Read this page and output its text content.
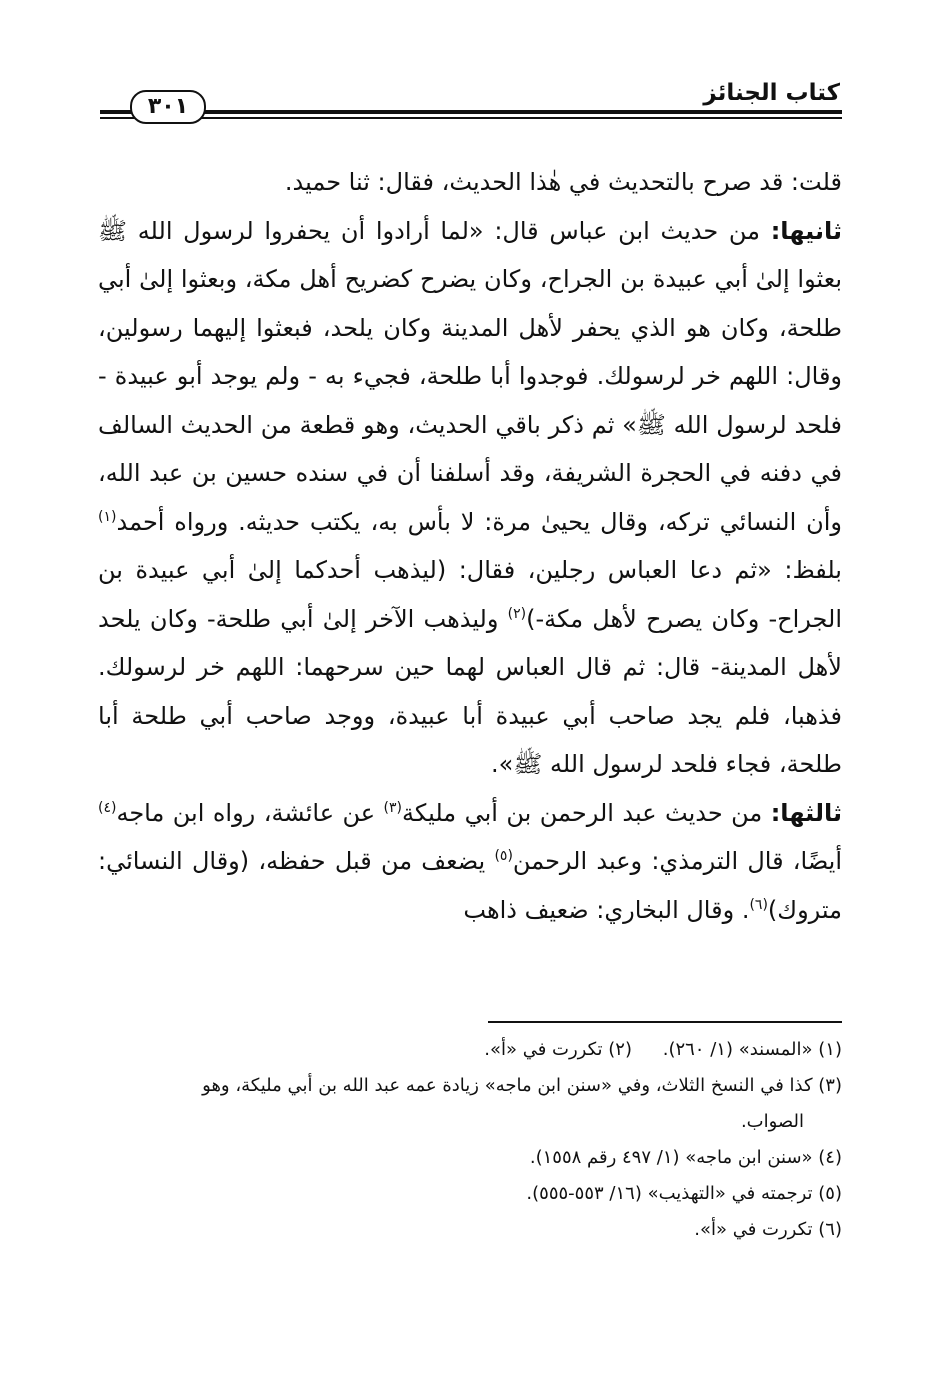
٣٠١
كتاب الجنائز

قلت: قد صرح بالتحديث في هٰذا الحديث، فقال: ثنا حميد.

ثانيها: من حديث ابن عباس قال: «لما أرادوا أن يحفروا لرسول الله ﷺ بعثوا إلىٰ أبي عبيدة بن الجراح، وكان يضرح كضريح أهل مكة، وبعثوا إلىٰ أبي طلحة، وكان هو الذي يحفر لأهل المدينة وكان يلحد، فبعثوا إليهما رسولين، وقال: اللهم خر لرسولك. فوجدوا أبا طلحة، فجيء به - ولم يوجد أبو عبيدة - فلحد لرسول الله ﷺ» ثم ذكر باقي الحديث، وهو قطعة من الحديث السالف في دفنه في الحجرة الشريفة، وقد أسلفنا أن في سنده حسين بن عبد الله، وأن النسائي تركه، وقال يحيىٰ مرة: لا بأس به، يكتب حديثه. ورواه أحمد$^{(١)}$ بلفظ: «ثم دعا العباس رجلين، فقال: (ليذهب أحدكما إلىٰ أبي عبيدة بن الجراح- وكان يصرح لأهل مكة-)$^{(٢)}$ وليذهب الآخر إلىٰ أبي طلحة- وكان يلحد لأهل المدينة- قال: ثم قال العباس لهما حين سرحهما: اللهم خر لرسولك. فذهبا، فلم يجد صاحب أبي عبيدة أبا عبيدة، ووجد صاحب أبي طلحة أبا طلحة، فجاء فلحد لرسول الله ﷺ».

ثالثها: من حديث عبد الرحمن بن أبي مليكة$^{(٣)}$ عن عائشة، رواه ابن ماجه$^{(٤)}$ أيضًا، قال الترمذي: وعبد الرحمن$^{(٥)}$ يضعف من قبل حفظه، (وقال النسائي: متروك)$^{(٦)}$. وقال البخاري: ضعيف ذاهب

(١) «المسند» (١/ ٢٦٠).
(٢) تكررت في «أ».
(٣) كذا في النسخ الثلاث، وفي «سنن ابن ماجه» زيادة عمه عبد الله بن أبي مليكة، وهو
الصواب.
(٤) «سنن ابن ماجه» (١/ ٤٩٧ رقم ١٥٥٨).
(٥) ترجمته في «التهذيب» (١٦/ ٥٥٣-٥٥٥).
(٦) تكررت في «أ».
